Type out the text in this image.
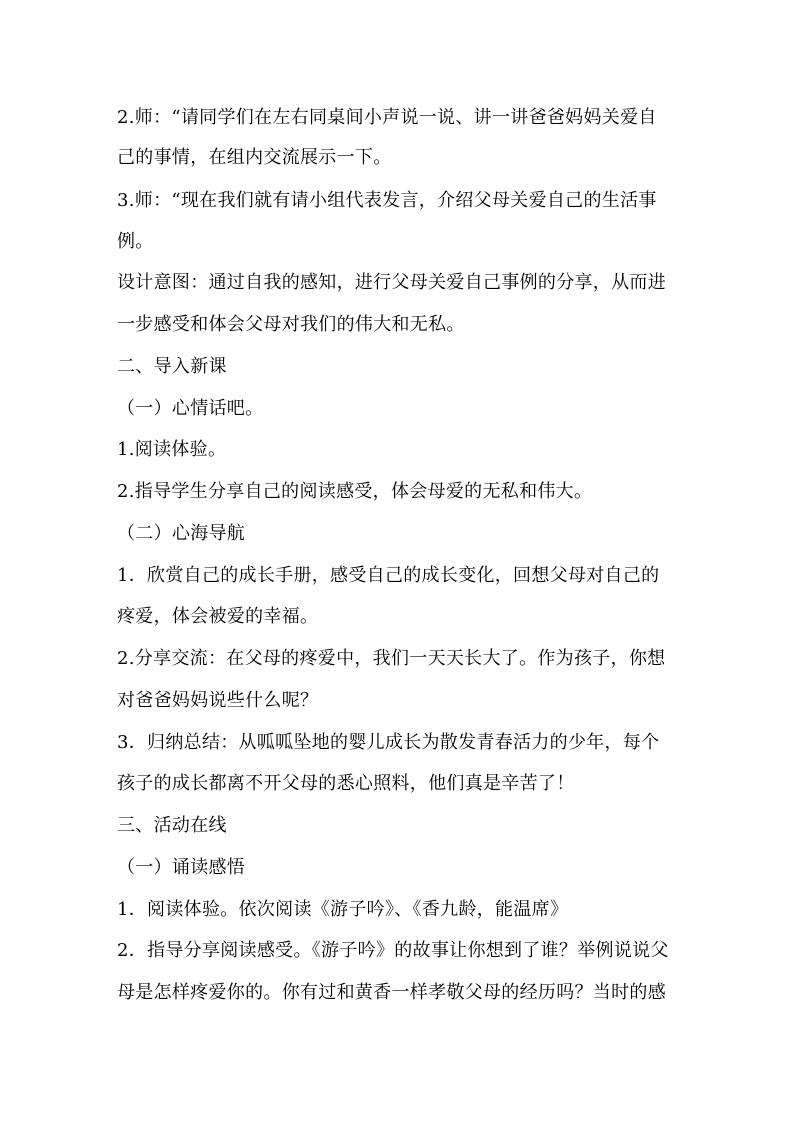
2.师：“请同学们在左右同桌间小声说一说、讲一讲爸爸妈妈关爱自
己的事情，在组内交流展示一下。
3.师：“现在我们就有请小组代表发言，介绍父母关爱自己的生活事
例。
设计意图：通过自我的感知，进行父母关爱自己事例的分享，从而进
一步感受和体会父母对我们的伟大和无私。
二、导入新课
（一）心情话吧。
1.阅读体验。
2.指导学生分享自己的阅读感受，体会母爱的无私和伟大。
（二）心海导航
1．欣赏自己的成长手册，感受自己的成长变化，回想父母对自己的
疼爱，体会被爱的幸福。
2.分享交流：在父母的疼爱中，我们一天天长大了。作为孩子，你想
对爸爸妈妈说些什么呢？
3．归纳总结：从呱呱坠地的婴儿成长为散发青春活力的少年，每个
孩子的成长都离不开父母的悉心照料，他们真是辛苦了！
三、活动在线
（一）诵读感悟
1．阅读体验。依次阅读《游子吟》、《香九龄，能温席》
2．指导分享阅读感受。《游子吟》的故事让你想到了谁？举例说说父
母是怎样疼爱你的。你有过和黄香一样孝敬父母的经历吗？当时的感
